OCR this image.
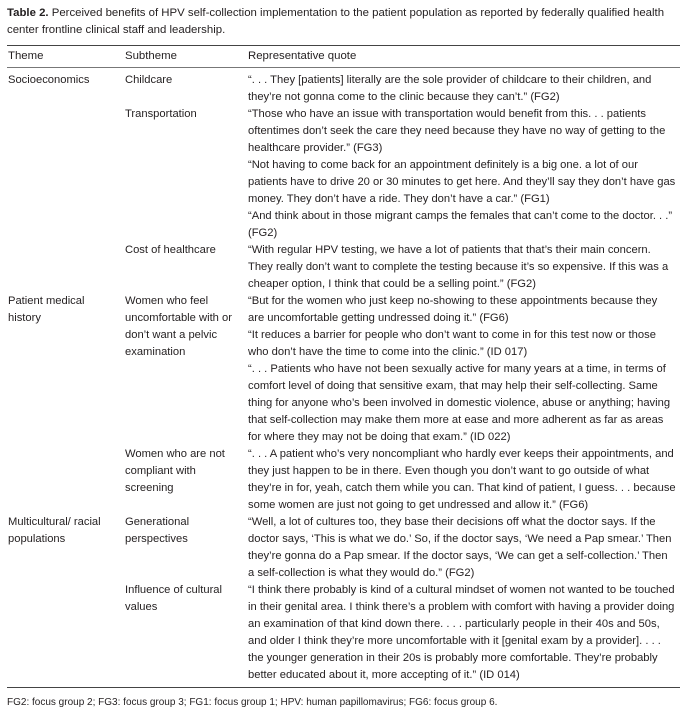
Table 2. Perceived benefits of HPV self-collection implementation to the patient population as reported by federally qualified health center frontline clinical staff and leadership.
Theme	Subtheme	Representative quote
Socioeconomics	Childcare	“. . . They [patients] literally are the sole provider of childcare to their children, and they’re not gonna come to the clinic because they can’t.” (FG2)
	Transportation	“Those who have an issue with transportation would benefit from this. . . patients oftentimes don’t seek the care they need because they have no way of getting to the healthcare provider.” (FG3)
		“Not having to come back for an appointment definitely is a big one. a lot of our patients have to drive 20 or 30 minutes to get here. And they’ll say they don’t have gas money. They don’t have a ride. They don’t have a car.” (FG1)
		“And think about in those migrant camps the females that can’t come to the doctor. . .” (FG2)
	Cost of healthcare	“With regular HPV testing, we have a lot of patients that that’s their main concern. They really don’t want to complete the testing because it’s so expensive. If this was a cheaper option, I think that could be a selling point.” (FG2)
Patient medical history	Women who feel uncomfortable with or don’t want a pelvic examination	“But for the women who just keep no-showing to these appointments because they are uncomfortable getting undressed doing it.” (FG6)
		“It reduces a barrier for people who don’t want to come in for this test now or those who don’t have the time to come into the clinic.” (ID 017)
		“. . . Patients who have not been sexually active for many years at a time, in terms of comfort level of doing that sensitive exam, that may help their self-collecting. Same thing for anyone who’s been involved in domestic violence, abuse or anything; having that self-collection may make them more at ease and more adherent as far as areas for where they may not be doing that exam.” (ID 022)
	Women who are not compliant with screening	“. . . A patient who’s very noncompliant who hardly ever keeps their appointments, and they just happen to be in there. Even though you don’t want to go outside of what they’re in for, yeah, catch them while you can. That kind of patient, I guess. . . because some women are just not going to get undressed and allow it.” (FG6)
Multicultural/ racial populations	Generational perspectives	“Well, a lot of cultures too, they base their decisions off what the doctor says. If the doctor says, ‘This is what we do.’ So, if the doctor says, ‘We need a Pap smear.’ Then they’re gonna do a Pap smear. If the doctor says, ‘We can get a self-collection.’ Then a self-collection is what they would do.” (FG2)
	Influence of cultural values	“I think there probably is kind of a cultural mindset of women not wanted to be touched in their genital area. I think there’s a problem with comfort with having a provider doing an examination of that kind down there. . . . particularly people in their 40s and 50s, and older I think they’re more uncomfortable with it [genital exam by a provider]. . . . the younger generation in their 20s is probably more comfortable. They’re probably better educated about it, more accepting of it.” (ID 014)
FG2: focus group 2; FG3: focus group 3; FG1: focus group 1; HPV: human papillomavirus; FG6: focus group 6.
